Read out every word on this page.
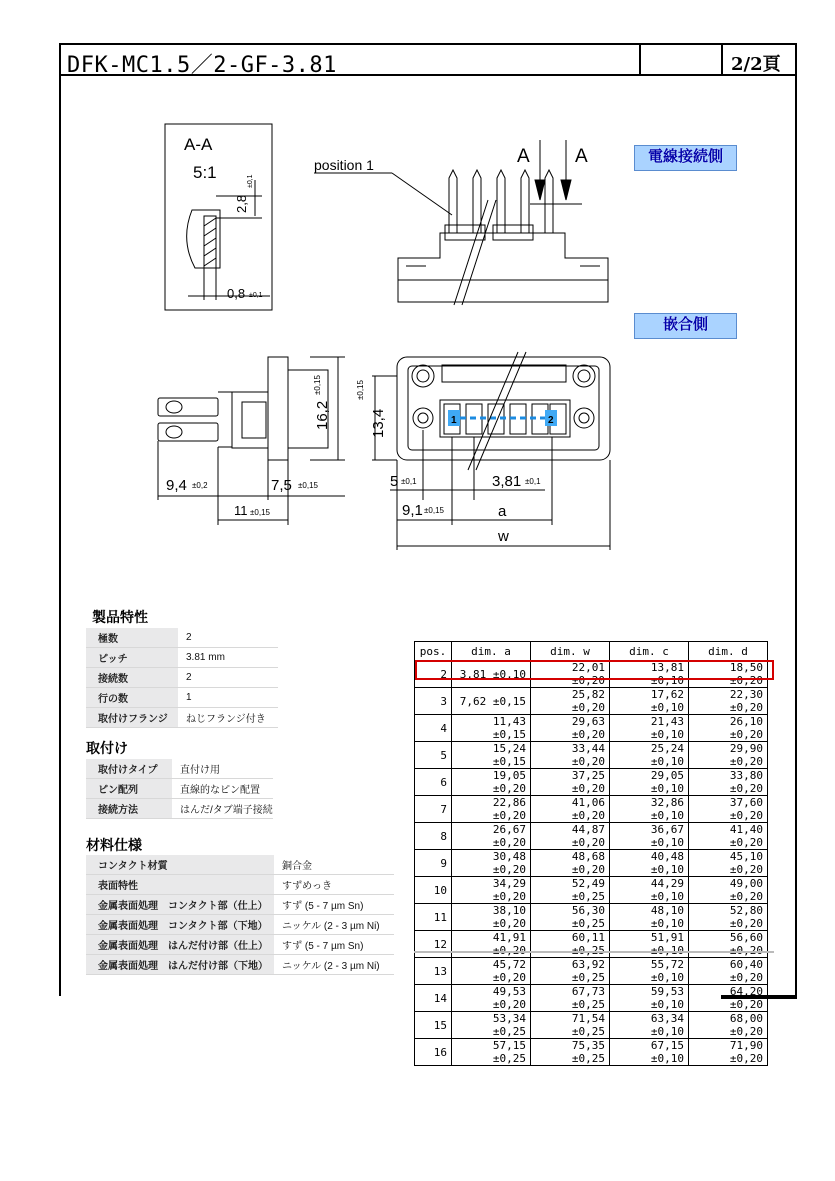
DFK-MC1.5／2-GF-3.81	2/2頁
A-A
5:1
2,8
±0,1
0,8 ±0,1
position 1	A A
16,2
±0,15
9,4 ±0,2	7,5 ±0,15
11 ±0,15
1	2
13,4
±0,15
5 ±0,1	3,81 ±0,1
9,1 ±0,15	a
w
電線接続側
嵌合側
製品特性
極数	2
ピッチ	3.81 mm
接続数	2
行の数	1
取付けフランジ	ねじフランジ付き
取付け
取付けタイプ	直付け用
ピン配列	直線的なピン配置
接続方法	はんだ/タブ端子接続
材料仕様
コンタクト材質	銅合金
表面特性	すずめっき
金属表面処理　コンタクト部（仕上）	すず (5 - 7 µm Sn)
金属表面処理　コンタクト部（下地）	ニッケル (2 - 3 µm Ni)
金属表面処理　はんだ付け部（仕上）	すず (5 - 7 µm Sn)
金属表面処理　はんだ付け部（下地）	ニッケル (2 - 3 µm Ni)
pos.	dim. a	dim. w	dim. c	dim. d
2	3,81 ±0,10	22,01 ±0,20	13,81 ±0,10	18,50 ±0,20
3	7,62 ±0,15	25,82 ±0,20	17,62 ±0,10	22,30 ±0,20
4	11,43 ±0,15	29,63 ±0,20	21,43 ±0,10	26,10 ±0,20
5	15,24 ±0,15	33,44 ±0,20	25,24 ±0,10	29,90 ±0,20
6	19,05 ±0,20	37,25 ±0,20	29,05 ±0,10	33,80 ±0,20
7	22,86 ±0,20	41,06 ±0,20	32,86 ±0,10	37,60 ±0,20
8	26,67 ±0,20	44,87 ±0,20	36,67 ±0,10	41,40 ±0,20
9	30,48 ±0,20	48,68 ±0,20	40,48 ±0,10	45,10 ±0,20
10	34,29 ±0,20	52,49 ±0,25	44,29 ±0,10	49,00 ±0,20
11	38,10 ±0,20	56,30 ±0,25	48,10 ±0,10	52,80 ±0,20
12	41,91	60,11	51,91	56,60
13	45,72 ±0,20	63,92 ±0,25	55,72 ±0,10	60,40 ±0,20
14	49,53 ±0,20	67,73 ±0,25	59,53 ±0,10	64,20 ±0,20
15	53,34 ±0,25	71,54 ±0,25	63,34 ±0,10	68,00 ±0,20
16	57,15 ±0,25	75,35 ±0,25	67,15 ±0,10	71,90 ±0,20
